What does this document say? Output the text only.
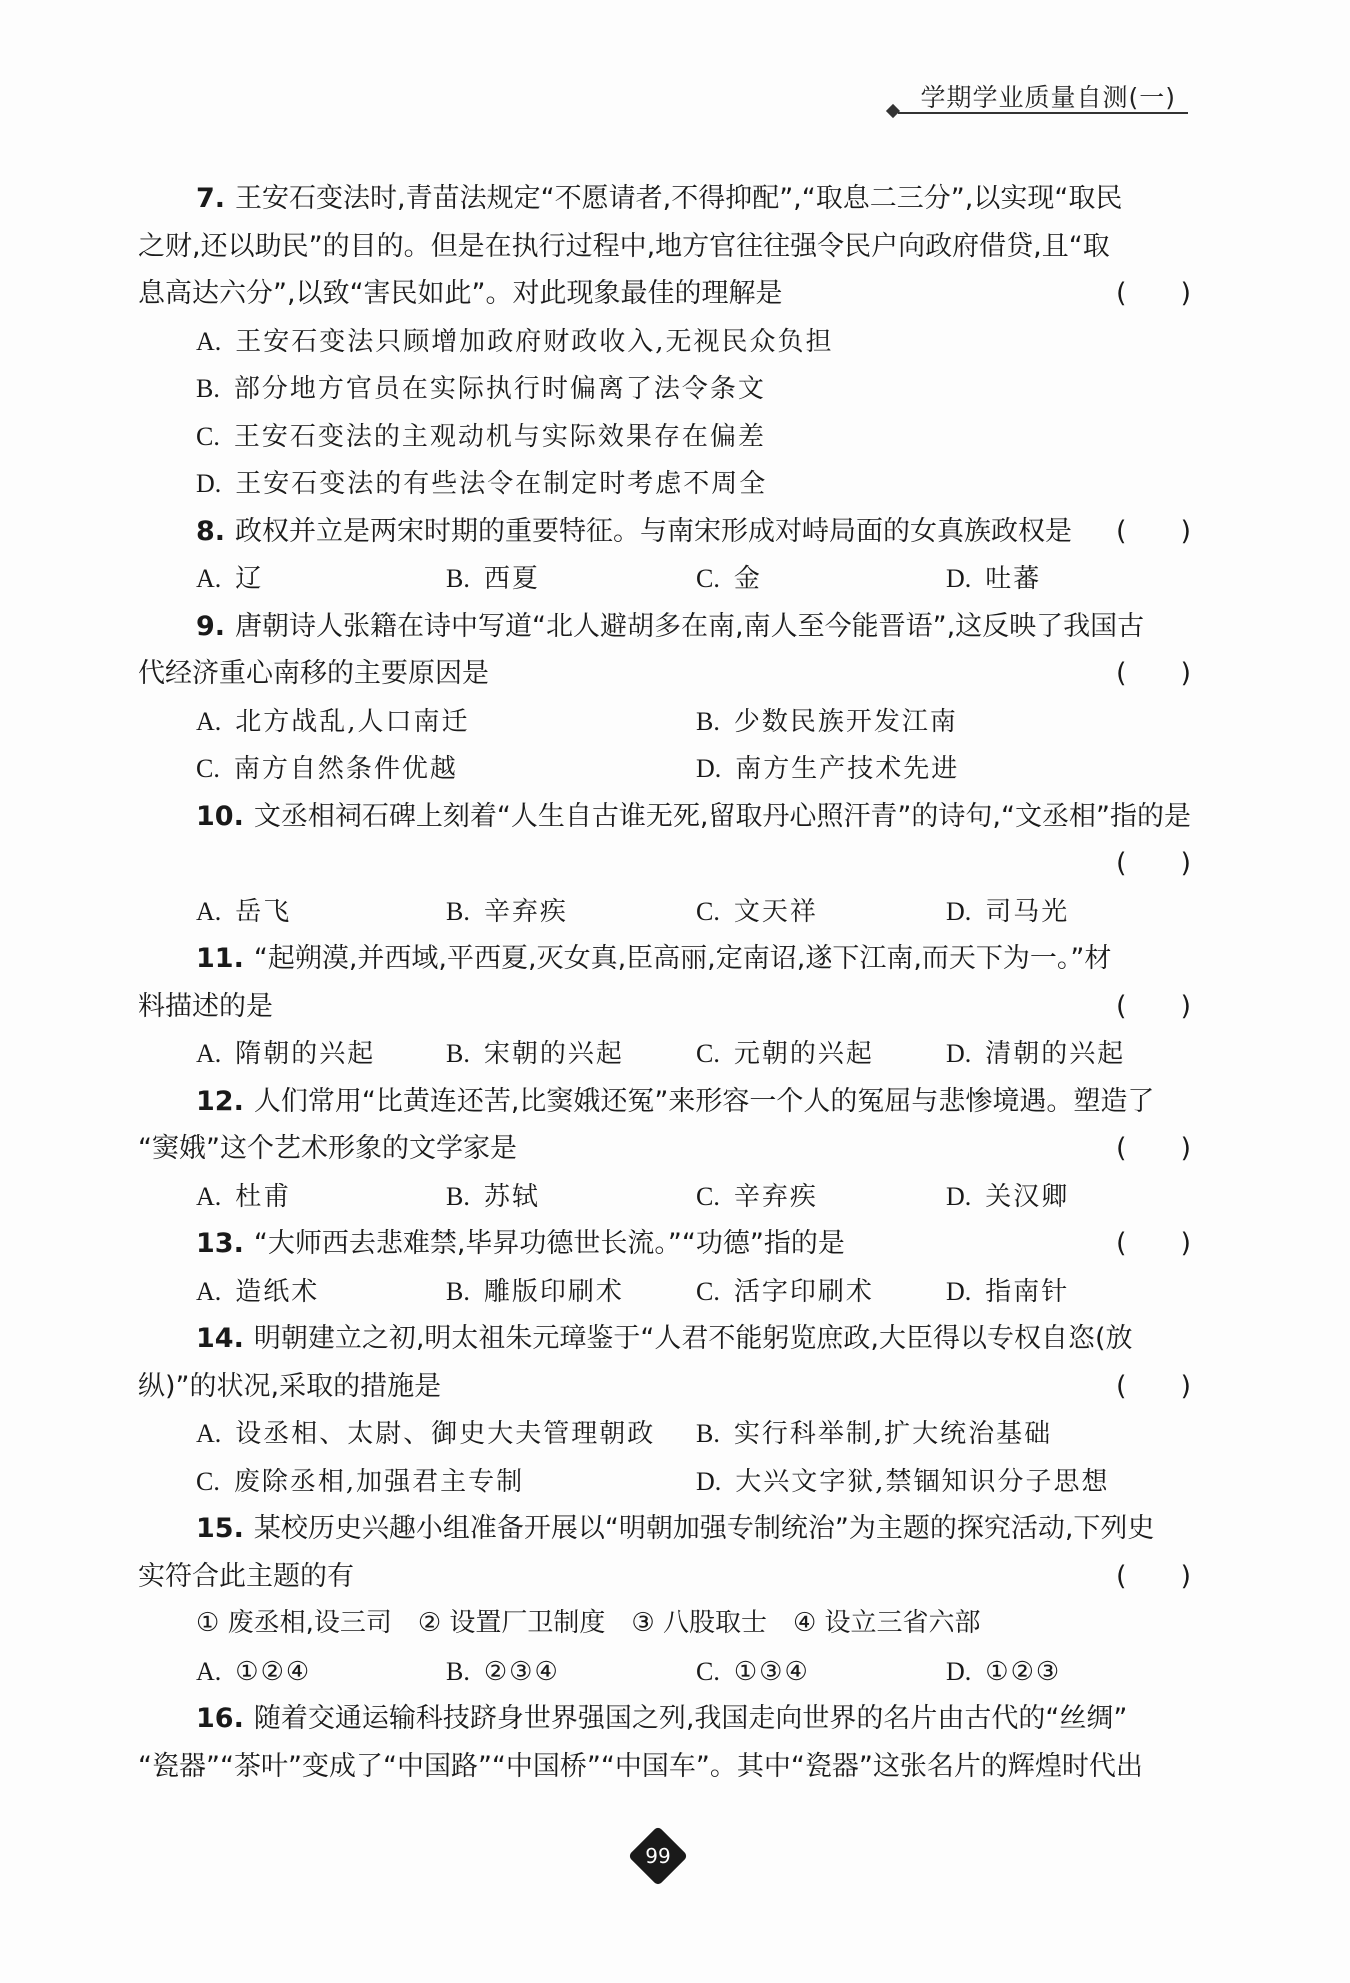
学期学业质量自测(一)
7. 王安石变法时,青苗法规定“不愿请者,不得抑配”,“取息二三分”,以实现“取民
之财,还以助民”的目的。但是在执行过程中,地方官往往强令民户向政府借贷,且“取
息高达六分”,以致“害民如此”。对此现象最佳的理解是	(　　)
A. 王安石变法只顾增加政府财政收入,无视民众负担
B. 部分地方官员在实际执行时偏离了法令条文
C. 王安石变法的主观动机与实际效果存在偏差
D. 王安石变法的有些法令在制定时考虑不周全
8. 政权并立是两宋时期的重要特征。与南宋形成对峙局面的女真族政权是 (　　)
A. 辽	B. 西夏	C. 金	D. 吐蕃
9. 唐朝诗人张籍在诗中写道“北人避胡多在南,南人至今能晋语”,这反映了我国古
代经济重心南移的主要原因是	(　　)
A. 北方战乱,人口南迁	B. 少数民族开发江南
C. 南方自然条件优越	D. 南方生产技术先进
10. 文丞相祠石碑上刻着“人生自古谁无死,留取丹心照汗青”的诗句,“文丞相”指的是
(　　)
A. 岳飞	B. 辛弃疾	C. 文天祥	D. 司马光
11. “起朔漠,并西域,平西夏,灭女真,臣高丽,定南诏,遂下江南,而天下为一。”材
料描述的是	(　　)
A. 隋朝的兴起	B. 宋朝的兴起	C. 元朝的兴起	D. 清朝的兴起
12. 人们常用“比黄连还苦,比窦娥还冤”来形容一个人的冤屈与悲惨境遇。塑造了
“窦娥”这个艺术形象的文学家是	(　　)
A. 杜甫	B. 苏轼	C. 辛弃疾	D. 关汉卿
13. “大师西去悲难禁,毕昇功德世长流。”“功德”指的是	(　　)
A. 造纸术	B. 雕版印刷术	C. 活字印刷术	D. 指南针
14. 明朝建立之初,明太祖朱元璋鉴于“人君不能躬览庶政,大臣得以专权自恣(放
纵)”的状况,采取的措施是	(　　)
A. 设丞相、太尉、御史大夫管理朝政 B. 实行科举制,扩大统治基础
C. 废除丞相,加强君主专制	D. 大兴文字狱,禁锢知识分子思想
15. 某校历史兴趣小组准备开展以“明朝加强专制统治”为主题的探究活动,下列史
实符合此主题的有	(　　)
① 废丞相,设三司　② 设置厂卫制度　③ 八股取士　④ 设立三省六部
A. ①②④	B. ②③④	C. ①③④	D. ①②③
16. 随着交通运输科技跻身世界强国之列,我国走向世界的名片由古代的“丝绸”
“瓷器”“茶叶”变成了“中国路”“中国桥”“中国车”。其中“瓷器”这张名片的辉煌时代出
99
